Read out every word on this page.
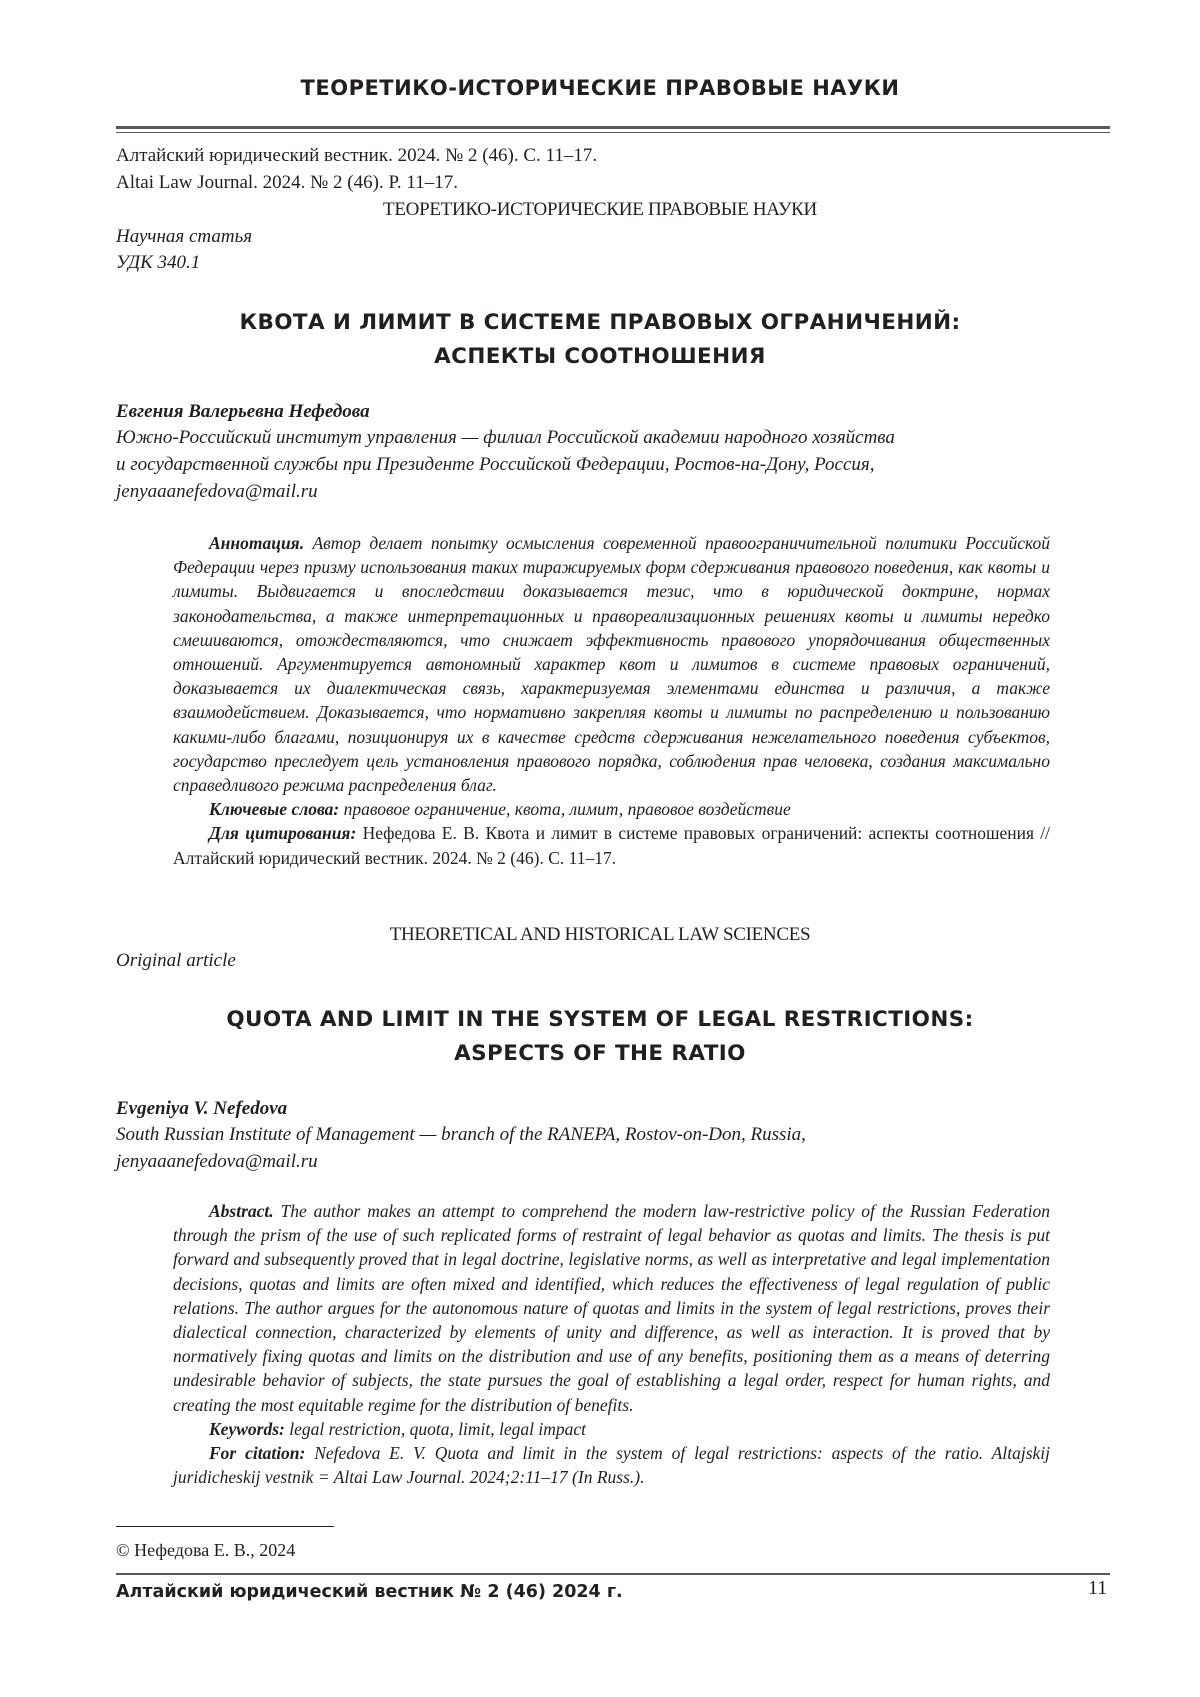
ТЕОРЕТИКО-ИСТОРИЧЕСКИЕ ПРАВОВЫЕ НАУКИ
Алтайский юридический вестник. 2024. № 2 (46). С. 11–17.
Altai Law Journal. 2024. № 2 (46). P. 11–17.
ТЕОРЕТИКО-ИСТОРИЧЕСКИЕ ПРАВОВЫЕ НАУКИ
Научная статья
УДК 340.1
КВОТА И ЛИМИТ В СИСТЕМЕ ПРАВОВЫХ ОГРАНИЧЕНИЙ:
АСПЕКТЫ СООТНОШЕНИЯ
Евгения Валерьевна Нефедова
Южно-Российский институт управления — филиал Российской академии народного хозяйства
и государственной службы при Президенте Российской Федерации, Ростов-на-Дону, Россия,
jenyaaanefedova@mail.ru

Аннотация. Автор делает попытку осмысления современной правоограничительной политики Российской Федерации через призму использования таких тиражируемых форм сдерживания правового поведения, как квоты и лимиты. Выдвигается и впоследствии доказывается тезис, что в юридической доктрине, нормах законодательства, а также интерпретационных и правореализационных решениях квоты и лимиты нередко смешиваются, отождествляются, что снижает эффективность правового упорядочивания общественных отношений. Аргументируется автономный характер квот и лимитов в системе правовых ограничений, доказывается их диалектическая связь, характеризуемая элементами единства и различия, а также взаимодействием. Доказывается, что нормативно закрепляя квоты и лимиты по распределению и пользованию какими-либо благами, позиционируя их в качестве средств сдерживания нежелательного поведения субъектов, государство преследует цель установления правового порядка, соблюдения прав человека, создания максимально справедливого режима распределения благ.

Ключевые слова: правовое ограничение, квота, лимит, правовое воздействие

Для цитирования: Нефедова Е. В. Квота и лимит в системе правовых ограничений: аспекты соотношения // Алтайский юридический вестник. 2024. № 2 (46). С. 11–17.

THEORETICAL AND HISTORICAL LAW SCIENCES
Original article
QUOTA AND LIMIT IN THE SYSTEM OF LEGAL RESTRICTIONS:
ASPECTS OF THE RATIO
Evgeniya V. Nefedova
South Russian Institute of Management — branch of the RANEPA, Rostov-on-Don, Russia,
jenyaaanefedova@mail.ru

Abstract. The author makes an attempt to comprehend the modern law-restrictive policy of the Russian Federation through the prism of the use of such replicated forms of restraint of legal behavior as quotas and limits. The thesis is put forward and subsequently proved that in legal doctrine, legislative norms, as well as interpretative and legal implementation decisions, quotas and limits are often mixed and identified, which reduces the effectiveness of legal regulation of public relations. The author argues for the autonomous nature of quotas and limits in the system of legal restrictions, proves their dialectical connection, characterized by elements of unity and difference, as well as interaction. It is proved that by normatively fixing quotas and limits on the distribution and use of any benefits, positioning them as a means of deterring undesirable behavior of subjects, the state pursues the goal of establishing a legal order, respect for human rights, and creating the most equitable regime for the distribution of benefits.

Keywords: legal restriction, quota, limit, legal impact

For citation: Nefedova E. V. Quota and limit in the system of legal restrictions: aspects of the ratio. Altajskij juridicheskij vestnik = Altai Law Journal. 2024;2:11–17 (In Russ.).

© Нефедова Е. В., 2024
Алтайский юридический вестник № 2 (46) 2024 г.	11
